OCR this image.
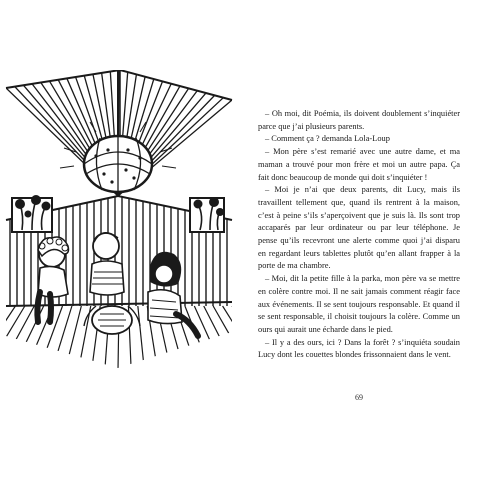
– Oh moi, dit Poémia, ils doivent doublement s’inquiéter parce que j’ai plusieurs parents.

– Comment ça ? demanda Lola-Loup

– Mon père s’est remarié avec une autre dame, et ma maman a trouvé pour mon frère et moi un autre papa. Ça fait donc beaucoup de monde qui doit s’inquiéter !

– Moi je n’ai que deux parents, dit Lucy, mais ils travaillent tellement que, quand ils rentrent à la maison, c’est à peine s’ils s’aperçoivent que je suis là. Ils sont trop accaparés par leur ordinateur ou par leur téléphone. Je pense qu’ils recevront une alerte comme quoi j’ai disparu en regardant leurs tablettes plutôt qu’en allant frapper à la porte de ma chambre.

– Moi, dit la petite fille à la parka, mon père va se mettre en colère contre moi. Il ne sait jamais comment réagir face aux événements. Il se sent toujours responsable. Et quand il se sent responsable, il choisit toujours la colère. Comme un ours qui aurait une écharde dans le pied.

– Il y a des ours, ici ? Dans la forêt ? s’inquiéta soudain Lucy dont les couettes blondes frissonnaient dans le vent.

69
